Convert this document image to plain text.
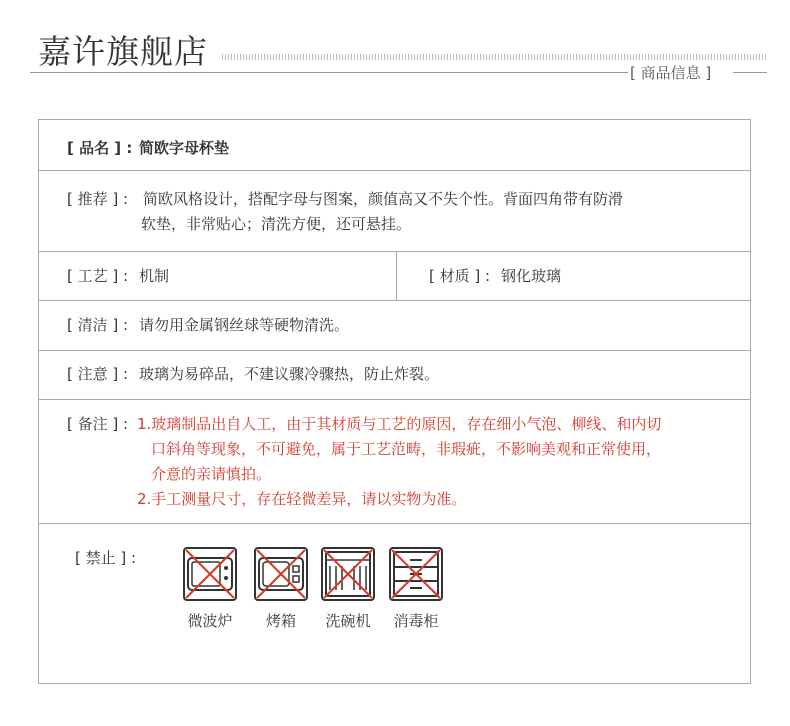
嘉许旗舰店
[ 商品信息 ]
[ 品名 ] : 简欧字母杯垫
[ 推荐 ] : 简欧风格设计，搭配字母与图案，颜值高又不失个性。背面四角带有防滑
软垫，非常贴心；清洗方便，还可悬挂。
[ 工艺 ] : 机制	[ 材质 ] : 钢化玻璃
[ 清洁 ] : 请勿用金属钢丝球等硬物清洗。
[ 注意 ] : 玻璃为易碎品，不建议骤冷骤热，防止炸裂。
[ 备注 ] : 1.玻璃制品出自人工，由于其材质与工艺的原因，存在细小气泡、柳线、和内切
口斜角等现象，不可避免，属于工艺范畴，非瑕疵，不影响美观和正常使用，
介意的亲请慎拍。
2.手工测量尺寸，存在轻微差异，请以实物为准。
[ 禁止 ] :
微波炉	烤箱	洗碗机	消毒柜
